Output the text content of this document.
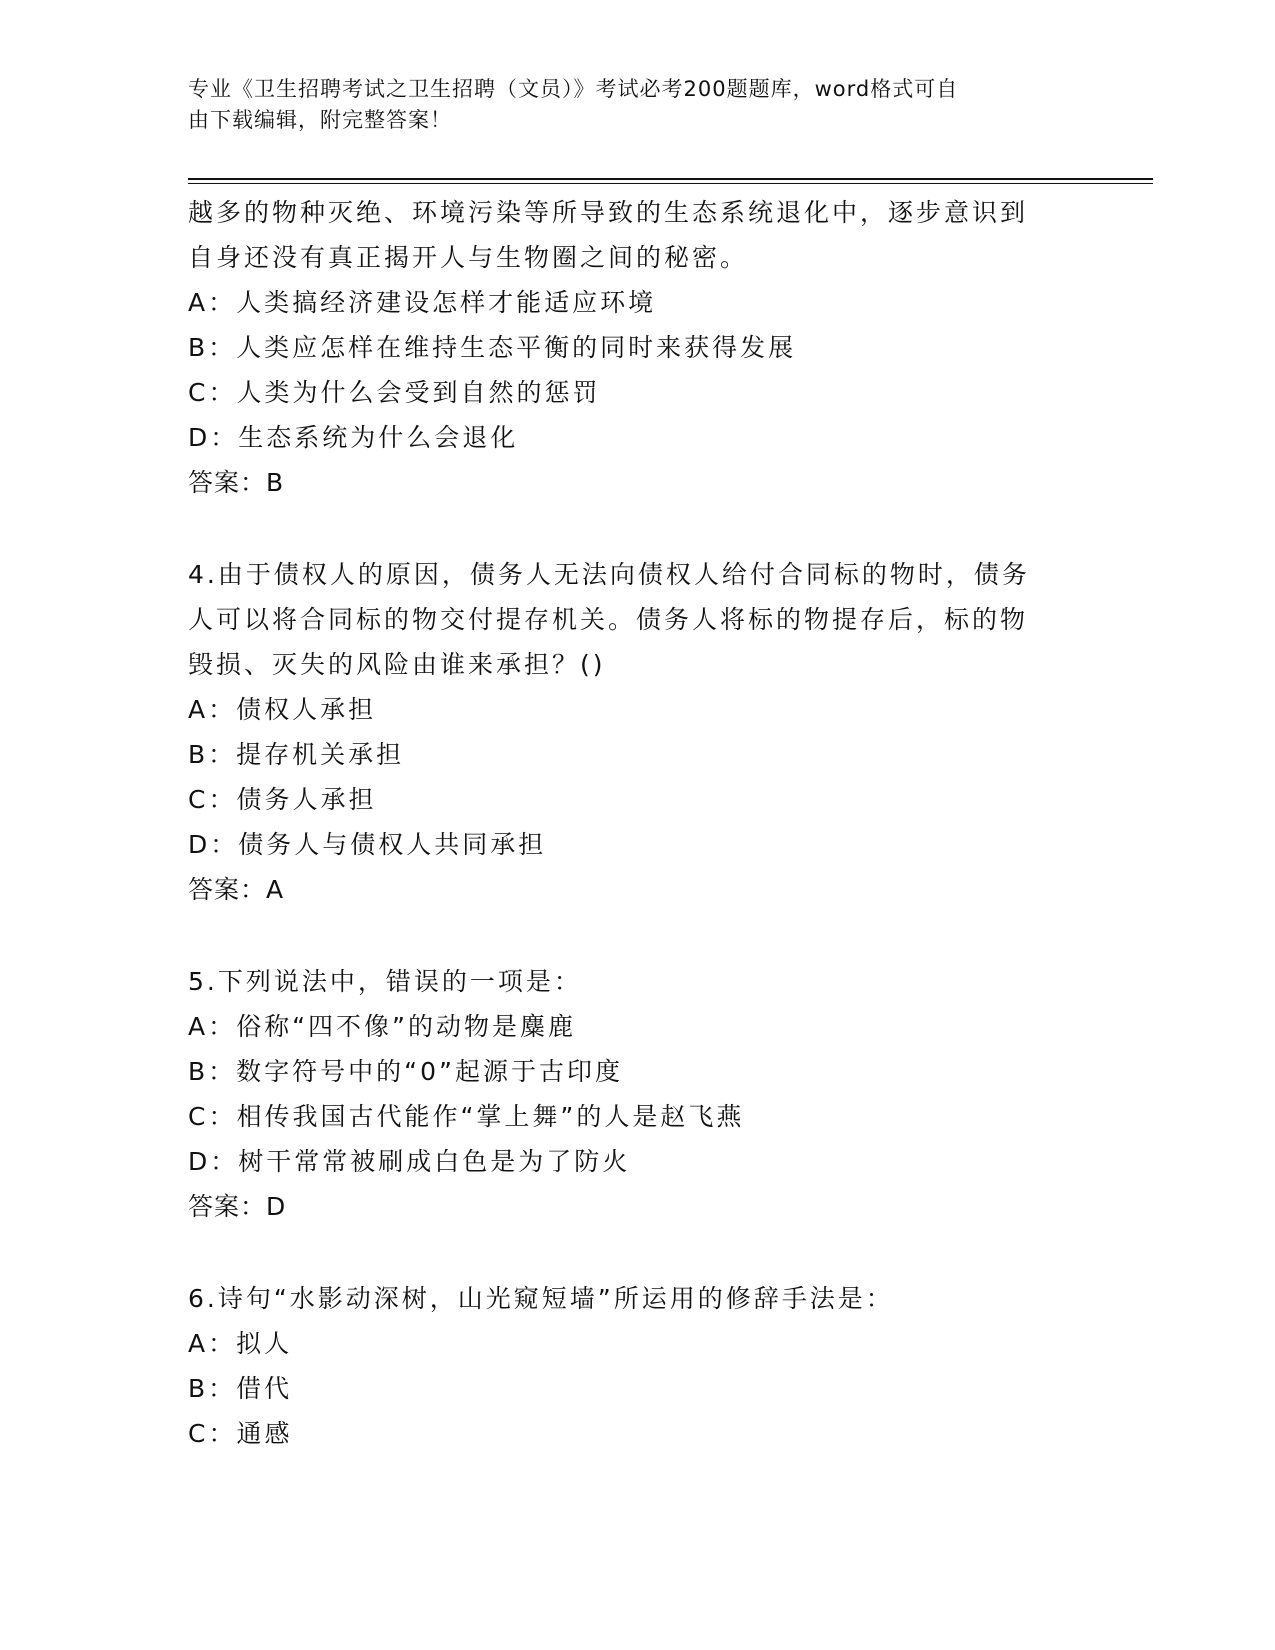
专业《卫生招聘考试之卫生招聘（文员）》考试必考200题题库，word格式可自
由下载编辑，附完整答案！

越多的物种灭绝、环境污染等所导致的生态系统退化中，逐步意识到

自身还没有真正揭开人与生物圈之间的秘密。

A：人类搞经济建设怎样才能适应环境

B：人类应怎样在维持生态平衡的同时来获得发展

C：人类为什么会受到自然的惩罚

D：生态系统为什么会退化

答案：B

4.由于债权人的原因，债务人无法向债权人给付合同标的物时，债务

人可以将合同标的物交付提存机关。债务人将标的物提存后，标的物

毁损、灭失的风险由谁来承担？()

A：债权人承担

B：提存机关承担

C：债务人承担

D：债务人与债权人共同承担

答案：A

5.下列说法中，错误的一项是：

A：俗称“四不像”的动物是麋鹿

B：数字符号中的“0”起源于古印度

C：相传我国古代能作“掌上舞”的人是赵飞燕

D：树干常常被刷成白色是为了防火

答案：D

6.诗句“水影动深树，山光窥短墙”所运用的修辞手法是：

A：拟人

B：借代

C：通感
